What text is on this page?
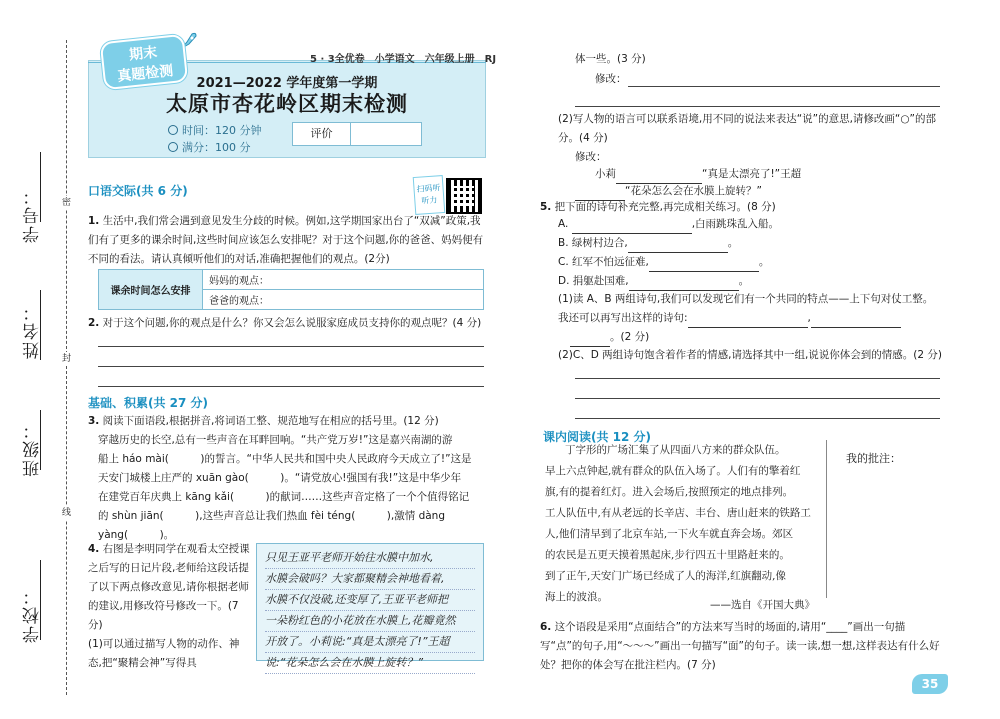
学号：
姓名：
班级：
学校：
密
封
线
期末
真题检测
5 · 3全优卷　小学语文　六年级上册　RJ
2021—2022 学年度第一学期
太原市杏花岭区期末检测
时间：120 分钟
满分：100 分
评价
口语交际(共 6 分)	扫码听听力
1. 生活中,我们常会遇到意见发生分歧的时候。例如,这学期国家出台了“双减”政策,我们有了更多的课余时间,这些时间应该怎么安排呢？对于这个问题,你的爸爸、妈妈便有不同的看法。请认真倾听他们的对话,准确把握他们的观点。(2分)
课余时间怎么安排	妈妈的观点：
爸爸的观点：
2. 对于这个问题,你的观点是什么？你又会怎么说服家庭成员支持你的观点呢？(4 分)
基础、积累(共 27 分)
3. 阅读下面语段,根据拼音,将词语工整、规范地写在相应的括号里。(12 分)
穿越历史的长空,总有一些声音在耳畔回响。“共产党万岁!”这是嘉兴南湖的游
船上 háo mài(　　　)的誓言。“中华人民共和国中央人民政府今天成立了!”这是
天安门城楼上庄严的 xuān gào(　　　)。“请党放心!强国有我!”这是中华少年
在建党百年庆典上 kāng kǎi(　　　)的献词……这些声音定格了一个个值得铭记
的 shùn jiān(　　　),这些声音总让我们热血 fèi téng(　　　),激情 dàng
yàng(　　　)。
4. 右图是李明同学在观看太空授课之后写的日记片段,老师给这段话提了以下两点修改意见,请你根据老师的建议,用修改符号修改一下。(7 分)
(1)可以通过描写人物的动作、神态,把“聚精会神”写得具
只见王亚平老师开始往水膜中加水,
水膜会破吗？大家都聚精会神地看着,
水膜不仅没破,还变厚了,王亚平老师把
一朵粉红色的小花放在水膜上,花瓣竟然
开放了。小莉说:“真是太漂亮了!”王超
说:“花朵怎么会在水膜上旋转？”
体一些。(3 分)
修改：
(2)写人物的语言可以联系语境,用不同的说法来表达“说”的意思,请修改画“○”的部分。(4 分)
修改：
小莉	“真是太漂亮了!”王超
“花朵怎么会在水膜上旋转？”
5. 把下面的诗句补充完整,再完成相关练习。(8 分)
A.	,白雨跳珠乱入船。
B. 绿树村边合,	。
C. 红军不怕远征难,	。
D. 捐躯赴国难,	。
(1)读 A、B 两组诗句,我们可以发现它们有一个共同的特点——上下句对仗工整。我还可以再写出这样的诗句:	,
。(2 分)
(2)C、D 两组诗句饱含着作者的情感,请选择其中一组,说说你体会到的情感。(2 分)
课内阅读(共 12 分)
丁字形的广场汇集了从四面八方来的群众队伍。
早上六点钟起,就有群众的队伍入场了。人们有的擎着红
旗,有的提着红灯。进入会场后,按照预定的地点排列。
工人队伍中,有从老远的长辛店、丰台、唐山赶来的铁路工
人,他们清早到了北京车站,一下火车就直奔会场。郊区
的农民是五更天摸着黑起床,步行四五十里路赶来的。
到了正午,天安门广场已经成了人的海洋,红旗翻动,像
海上的波浪。
我的批注：
——选自《开国大典》
6. 这个语段是采用“点面结合”的方法来写当时的场面的,请用“____”画出一句描写“点”的句子,用“～～～”画出一句描写“面”的句子。读一读,想一想,这样表达有什么好处？把你的体会写在批注栏内。(7 分)
35
